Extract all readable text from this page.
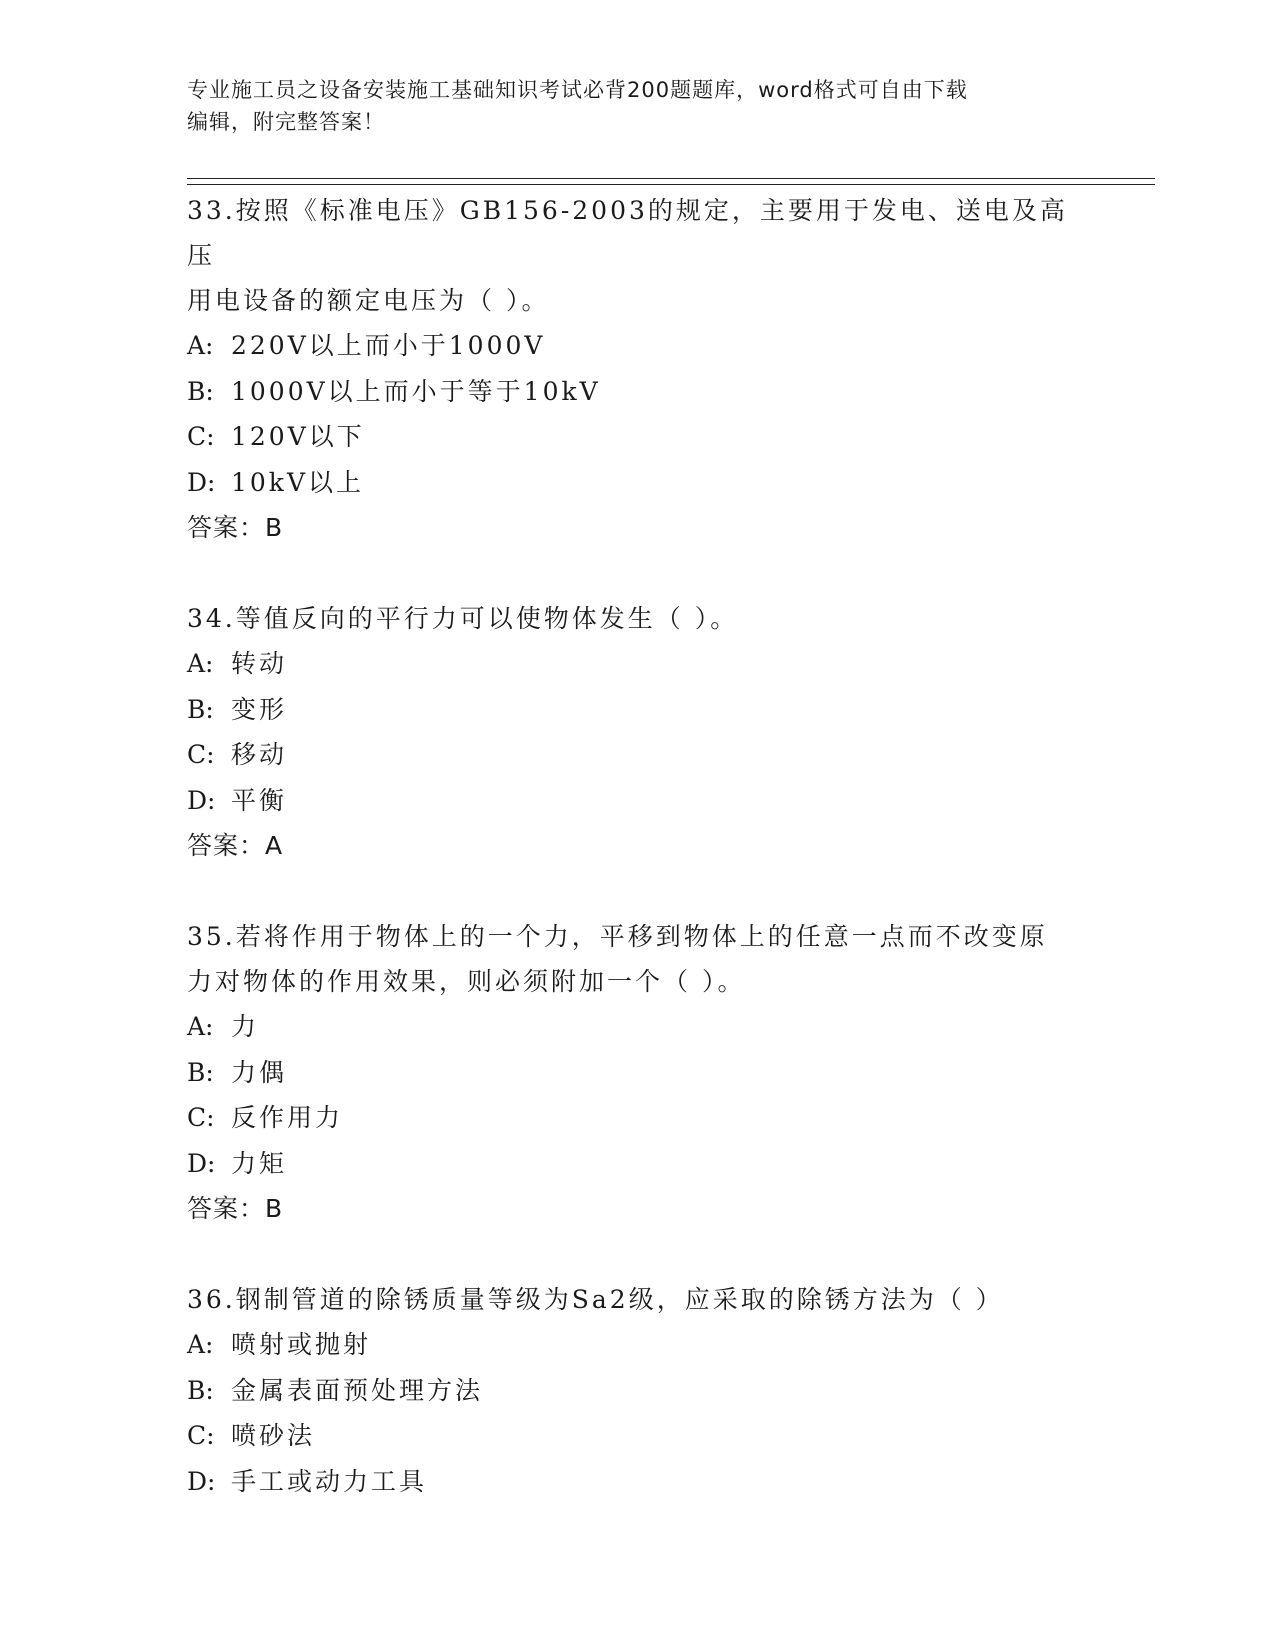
专业施工员之设备安装施工基础知识考试必背200题题库，word格式可自由下载
编辑，附完整答案！

33.按照《标准电压》GB156-2003的规定，主要用于发电、送电及高压

用电设备的额定电压为（ ）。

A: 220V以上而小于1000V

B: 1000V以上而小于等于10kV

C: 120V以下

D: 10kV以上

答案：B

34.等值反向的平行力可以使物体发生（ ）。

A: 转动

B: 变形

C: 移动

D: 平衡

答案：A

35.若将作用于物体上的一个力，平移到物体上的任意一点而不改变原

力对物体的作用效果，则必须附加一个（ ）。

A: 力

B: 力偶

C: 反作用力

D: 力矩

答案：B

36.钢制管道的除锈质量等级为Sa2级，应采取的除锈方法为（ ）

A: 喷射或抛射

B: 金属表面预处理方法

C: 喷砂法

D: 手工或动力工具
